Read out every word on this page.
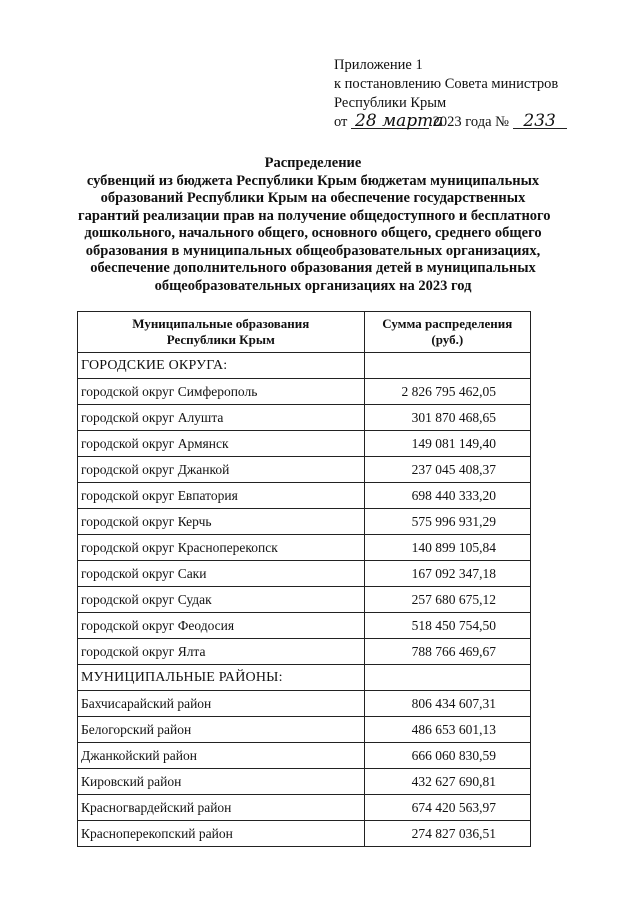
Приложение 1
к постановлению Совета министров
Республики Крым
от 28 марта 2023 года № 233
Распределение
субвенций из бюджета Республики Крым бюджетам муниципальных
образований Республики Крым на обеспечение государственных
гарантий реализации прав на получение общедоступного и бесплатного
дошкольного, начального общего, основного общего, среднего общего
образования в муниципальных общеобразовательных организациях,
обеспечение дополнительного образования детей в муниципальных
общеобразовательных организациях на 2023 год
Муниципальные образования
Республики Крым	Сумма распределения
(руб.)
ГОРОДСКИЕ ОКРУГА:	
городской округ Симферополь	2 826 795 462,05
городской округ Алушта	301 870 468,65
городской округ Армянск	149 081 149,40
городской округ Джанкой	237 045 408,37
городской округ Евпатория	698 440 333,20
городской округ Керчь	575 996 931,29
городской округ Красноперекопск	140 899 105,84
городской округ Саки	167 092 347,18
городской округ Судак	257 680 675,12
городской округ Феодосия	518 450 754,50
городской округ Ялта	788 766 469,67
МУНИЦИПАЛЬНЫЕ РАЙОНЫ:	
Бахчисарайский район	806 434 607,31
Белогорский район	486 653 601,13
Джанкойский район	666 060 830,59
Кировский район	432 627 690,81
Красногвардейский район	674 420 563,97
Красноперекопский район	274 827 036,51
